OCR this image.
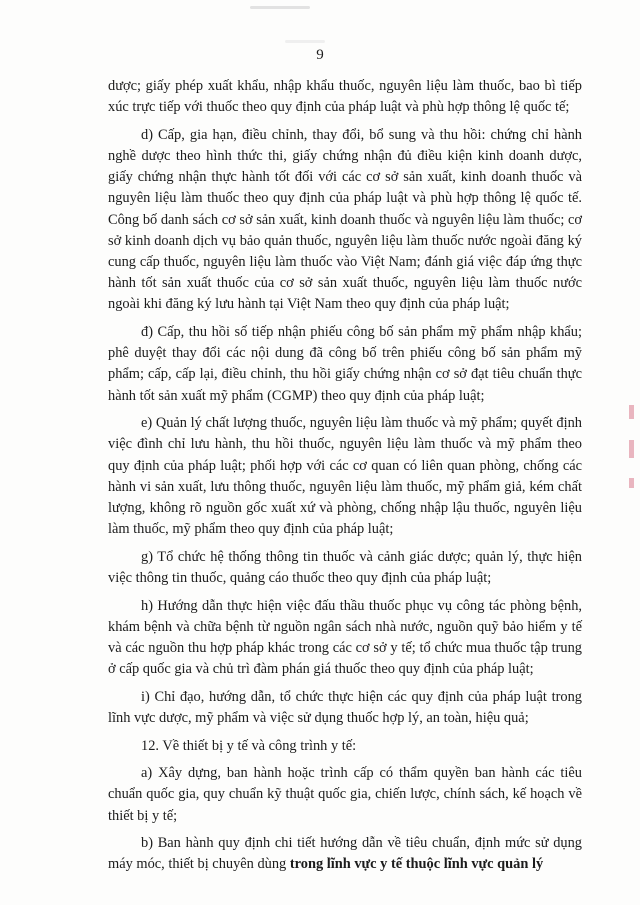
9

dược; giấy phép xuất khẩu, nhập khẩu thuốc, nguyên liệu làm thuốc, bao bì tiếp xúc trực tiếp với thuốc theo quy định của pháp luật và phù hợp thông lệ quốc tế;

d) Cấp, gia hạn, điều chỉnh, thay đổi, bổ sung và thu hồi: chứng chỉ hành nghề dược theo hình thức thi, giấy chứng nhận đủ điều kiện kinh doanh dược, giấy chứng nhận thực hành tốt đối với các cơ sở sản xuất, kinh doanh thuốc và nguyên liệu làm thuốc theo quy định của pháp luật và phù hợp thông lệ quốc tế. Công bố danh sách cơ sở sản xuất, kinh doanh thuốc và nguyên liệu làm thuốc; cơ sở kinh doanh dịch vụ bảo quản thuốc, nguyên liệu làm thuốc nước ngoài đăng ký cung cấp thuốc, nguyên liệu làm thuốc vào Việt Nam; đánh giá việc đáp ứng thực hành tốt sản xuất thuốc của cơ sở sản xuất thuốc, nguyên liệu làm thuốc nước ngoài khi đăng ký lưu hành tại Việt Nam theo quy định của pháp luật;

đ) Cấp, thu hồi số tiếp nhận phiếu công bố sản phẩm mỹ phẩm nhập khẩu; phê duyệt thay đổi các nội dung đã công bố trên phiếu công bố sản phẩm mỹ phẩm; cấp, cấp lại, điều chỉnh, thu hồi giấy chứng nhận cơ sở đạt tiêu chuẩn thực hành tốt sản xuất mỹ phẩm (CGMP) theo quy định của pháp luật;

e) Quản lý chất lượng thuốc, nguyên liệu làm thuốc và mỹ phẩm; quyết định việc đình chỉ lưu hành, thu hồi thuốc, nguyên liệu làm thuốc và mỹ phẩm theo quy định của pháp luật; phối hợp với các cơ quan có liên quan phòng, chống các hành vi sản xuất, lưu thông thuốc, nguyên liệu làm thuốc, mỹ phẩm giả, kém chất lượng, không rõ nguồn gốc xuất xứ và phòng, chống nhập lậu thuốc, nguyên liệu làm thuốc, mỹ phẩm theo quy định của pháp luật;

g) Tổ chức hệ thống thông tin thuốc và cảnh giác dược; quản lý, thực hiện việc thông tin thuốc, quảng cáo thuốc theo quy định của pháp luật;

h) Hướng dẫn thực hiện việc đấu thầu thuốc phục vụ công tác phòng bệnh, khám bệnh và chữa bệnh từ nguồn ngân sách nhà nước, nguồn quỹ bảo hiểm y tế và các nguồn thu hợp pháp khác trong các cơ sở y tế; tổ chức mua thuốc tập trung ở cấp quốc gia và chủ trì đàm phán giá thuốc theo quy định của pháp luật;

i) Chỉ đạo, hướng dẫn, tổ chức thực hiện các quy định của pháp luật trong lĩnh vực dược, mỹ phẩm và việc sử dụng thuốc hợp lý, an toàn, hiệu quả;

12. Về thiết bị y tế và công trình y tế:

a) Xây dựng, ban hành hoặc trình cấp có thẩm quyền ban hành các tiêu chuẩn quốc gia, quy chuẩn kỹ thuật quốc gia, chiến lược, chính sách, kế hoạch về thiết bị y tế;

b) Ban hành quy định chi tiết hướng dẫn về tiêu chuẩn, định mức sử dụng máy móc, thiết bị chuyên dùng trong lĩnh vực y tế thuộc lĩnh vực quản lý
